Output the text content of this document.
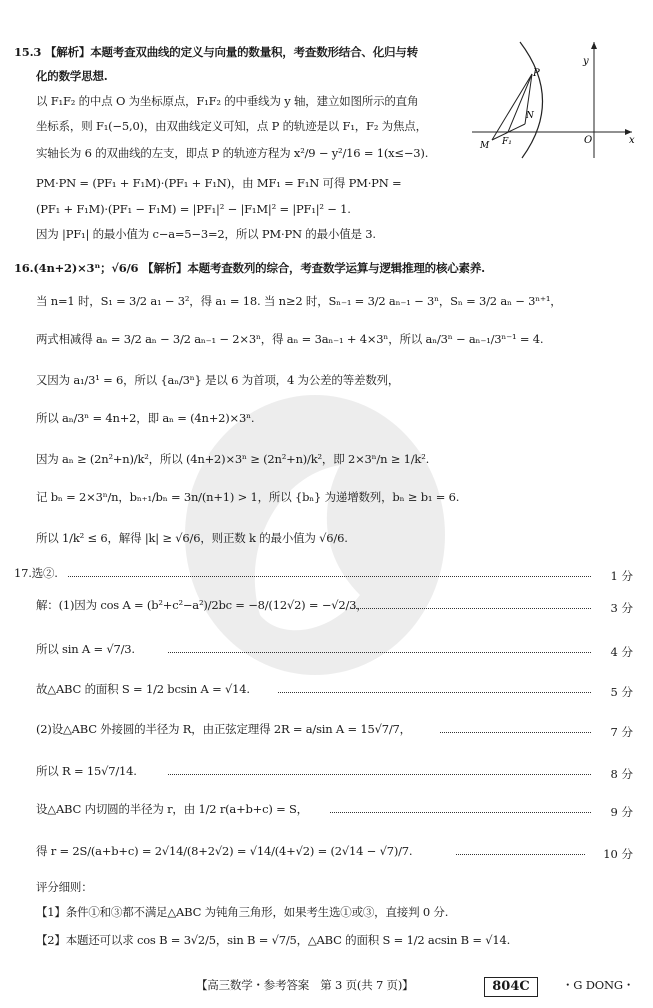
15.3 【解析】本题考查双曲线的定义与向量的数量积，考查数形结合、化归与转
化的数学思想.
以 F₁F₂ 的中点 O 为坐标原点，F₁F₂ 的中垂线为 y 轴，建立如图所示的直角
坐标系，则 F₁(−5,0)，由双曲线定义可知，点 P 的轨迹是以 F₁，F₂ 为焦点，
实轴长为 6 的双曲线的左支，即点 P 的轨迹方程为 x²/9 − y²/16 = 1(x≤−3).
PM·PN = (PF₁ + F₁M)·(PF₁ + F₁N)，由 MF₁ = F₁N 可得 PM·PN =
(PF₁ + F₁M)·(PF₁ − F₁M) = |PF₁|² − |F₁M|² = |PF₁|² − 1.
因为 |PF₁| 的最小值为 c−a=5−3=2，所以 PM·PN 的最小值是 3.
y
x
O
P
N
M F₁
16.(4n+2)×3ⁿ；√6/6 【解析】本题考查数列的综合，考查数学运算与逻辑推理的核心素养.
当 n=1 时，S₁ = 3/2 a₁ − 3²，得 a₁ = 18. 当 n≥2 时，Sₙ₋₁ = 3/2 aₙ₋₁ − 3ⁿ，Sₙ = 3/2 aₙ − 3ⁿ⁺¹，
两式相减得 aₙ = 3/2 aₙ − 3/2 aₙ₋₁ − 2×3ⁿ，得 aₙ = 3aₙ₋₁ + 4×3ⁿ，所以 aₙ/3ⁿ − aₙ₋₁/3ⁿ⁻¹ = 4.
又因为 a₁/3¹ = 6，所以 {aₙ/3ⁿ} 是以 6 为首项，4 为公差的等差数列，
所以 aₙ/3ⁿ = 4n+2，即 aₙ = (4n+2)×3ⁿ.
因为 aₙ ≥ (2n²+n)/k²，所以 (4n+2)×3ⁿ ≥ (2n²+n)/k²，即 2×3ⁿ/n ≥ 1/k².
记 bₙ = 2×3ⁿ/n，bₙ₊₁/bₙ = 3n/(n+1) > 1，所以 {bₙ} 为递增数列，bₙ ≥ b₁ = 6.
所以 1/k² ≤ 6，解得 |k| ≥ √6/6，则正数 k 的最小值为 √6/6.
17.选②.	1 分
解：(1)因为 cos A = (b²+c²−a²)/2bc = −8/(12√2) = −√2/3，	3 分
所以 sin A = √7/3.	4 分
故△ABC 的面积 S = 1/2 bcsin A = √14.	5 分
(2)设△ABC 外接圆的半径为 R，由正弦定理得 2R = a/sin A = 15√7/7，	7 分
所以 R = 15√7/14.	8 分
设△ABC 内切圆的半径为 r，由 1/2 r(a+b+c) = S，	9 分
得 r = 2S/(a+b+c) = 2√14/(8+2√2) = √14/(4+√2) = (2√14 − √7)/7.	10 分
评分细则：
【1】条件①和③都不满足△ABC 为钝角三角形，如果考生选①或③，直接判 0 分.
【2】本题还可以求 cos B = 3√2/5，sin B = √7/5，△ABC 的面积 S = 1/2 acsin B = √14.
【高三数学・参考答案　第 3 页(共 7 页)】	804C	・G DONG・
